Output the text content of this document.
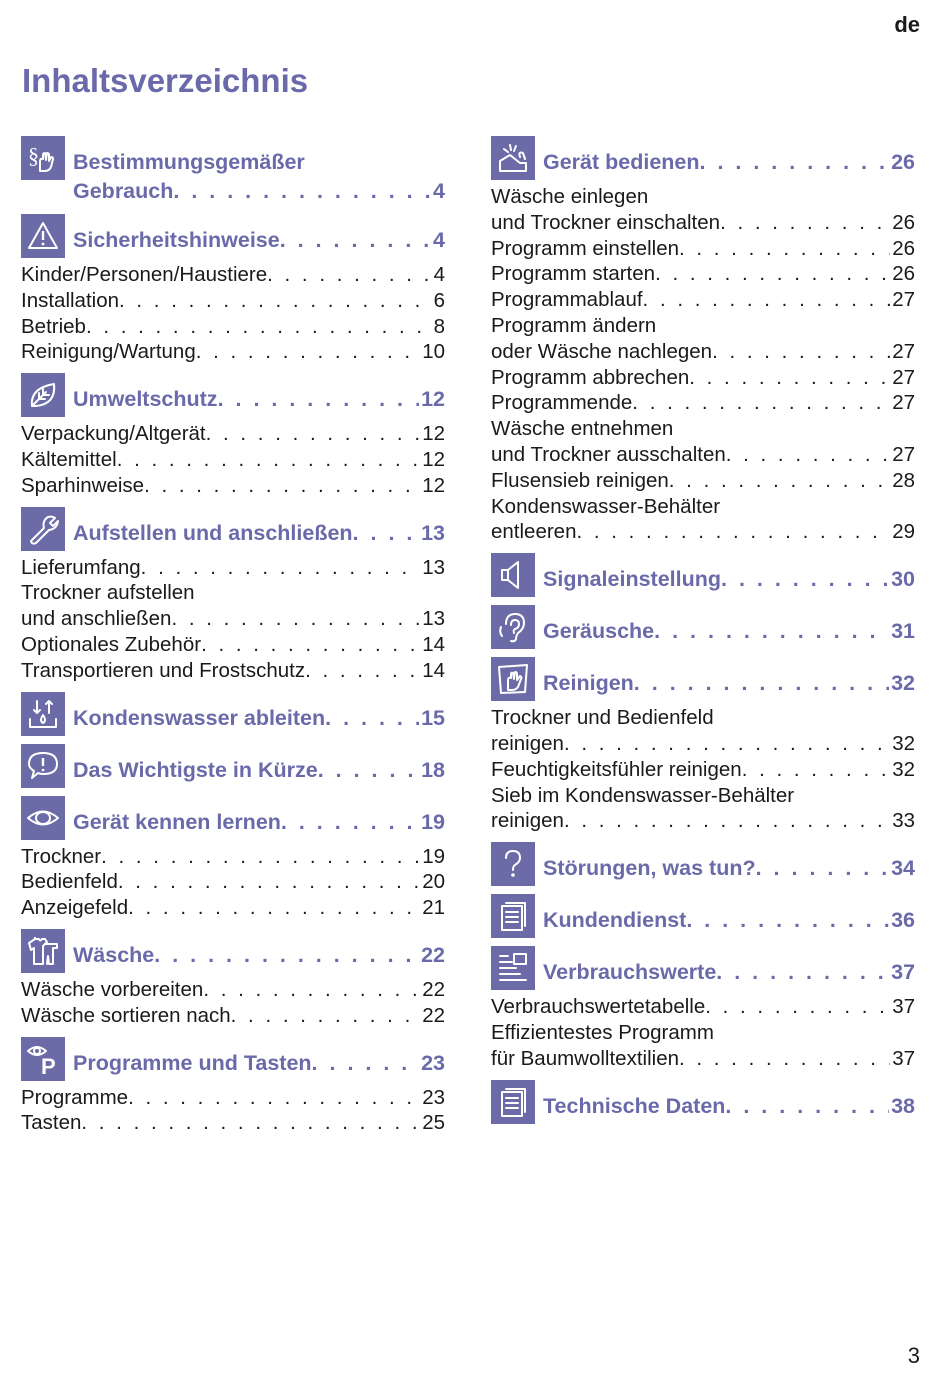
de
Inhaltsverzeichnis
§ Bestimmungsgemäßer
Gebrauch . . .	4
Sicherheitshinweise . . .	4
Kinder/Personen/Haustiere . . .	4
Installation . . .	6
Betrieb . . .	8
Reinigung/Wartung . . .	10
Umweltschutz . . .	12
Verpackung/Altgerät . . .	12
Kältemittel . . .	12
Sparhinweise . . .	12
Aufstellen und anschließen . . .	13
Lieferumfang . . .	13
Trockner aufstellen
und anschließen . . .	13
Optionales Zubehör . . .	14
Transportieren und Frostschutz . . .	14
Kondenswasser ableiten . . .	15
Das Wichtigste in Kürze . . .	18
Gerät kennen lernen . . .	19
Trockner . . .	19
Bedienfeld . . .	20
Anzeigefeld . . .	21
Wäsche . . .	22
Wäsche vorbereiten . . .	22
Wäsche sortieren nach . . .	22
P Programme und Tasten . . .	23
Programme . . .	23
Tasten . . .	25
Gerät bedienen . . .	26
Wäsche einlegen
und Trockner einschalten . . .	26
Programm einstellen . . .	26
Programm starten . . .	26
Programmablauf . . .	27
Programm ändern
oder Wäsche nachlegen . . .	27
Programm abbrechen . . .	27
Programmende . . .	27
Wäsche entnehmen
und Trockner ausschalten . . .	27
Flusensieb reinigen . . .	28
Kondenswasser-Behälter
entleeren . . .	29
Signaleinstellung . . .	30
Geräusche . . .	31
Reinigen . . .	32
Trockner und Bedienfeld
reinigen . . .	32
Feuchtigkeitsfühler reinigen . . .	32
Sieb im Kondenswasser-Behälter
reinigen . . .	33
Störungen, was tun? . . .	34
Kundendienst . . .	36
Verbrauchswerte . . .	37
Verbrauchswertetabelle . . .	37
Effizientestes Programm
für Baumwolltextilien . . .	37
Technische Daten . . .	38
3
